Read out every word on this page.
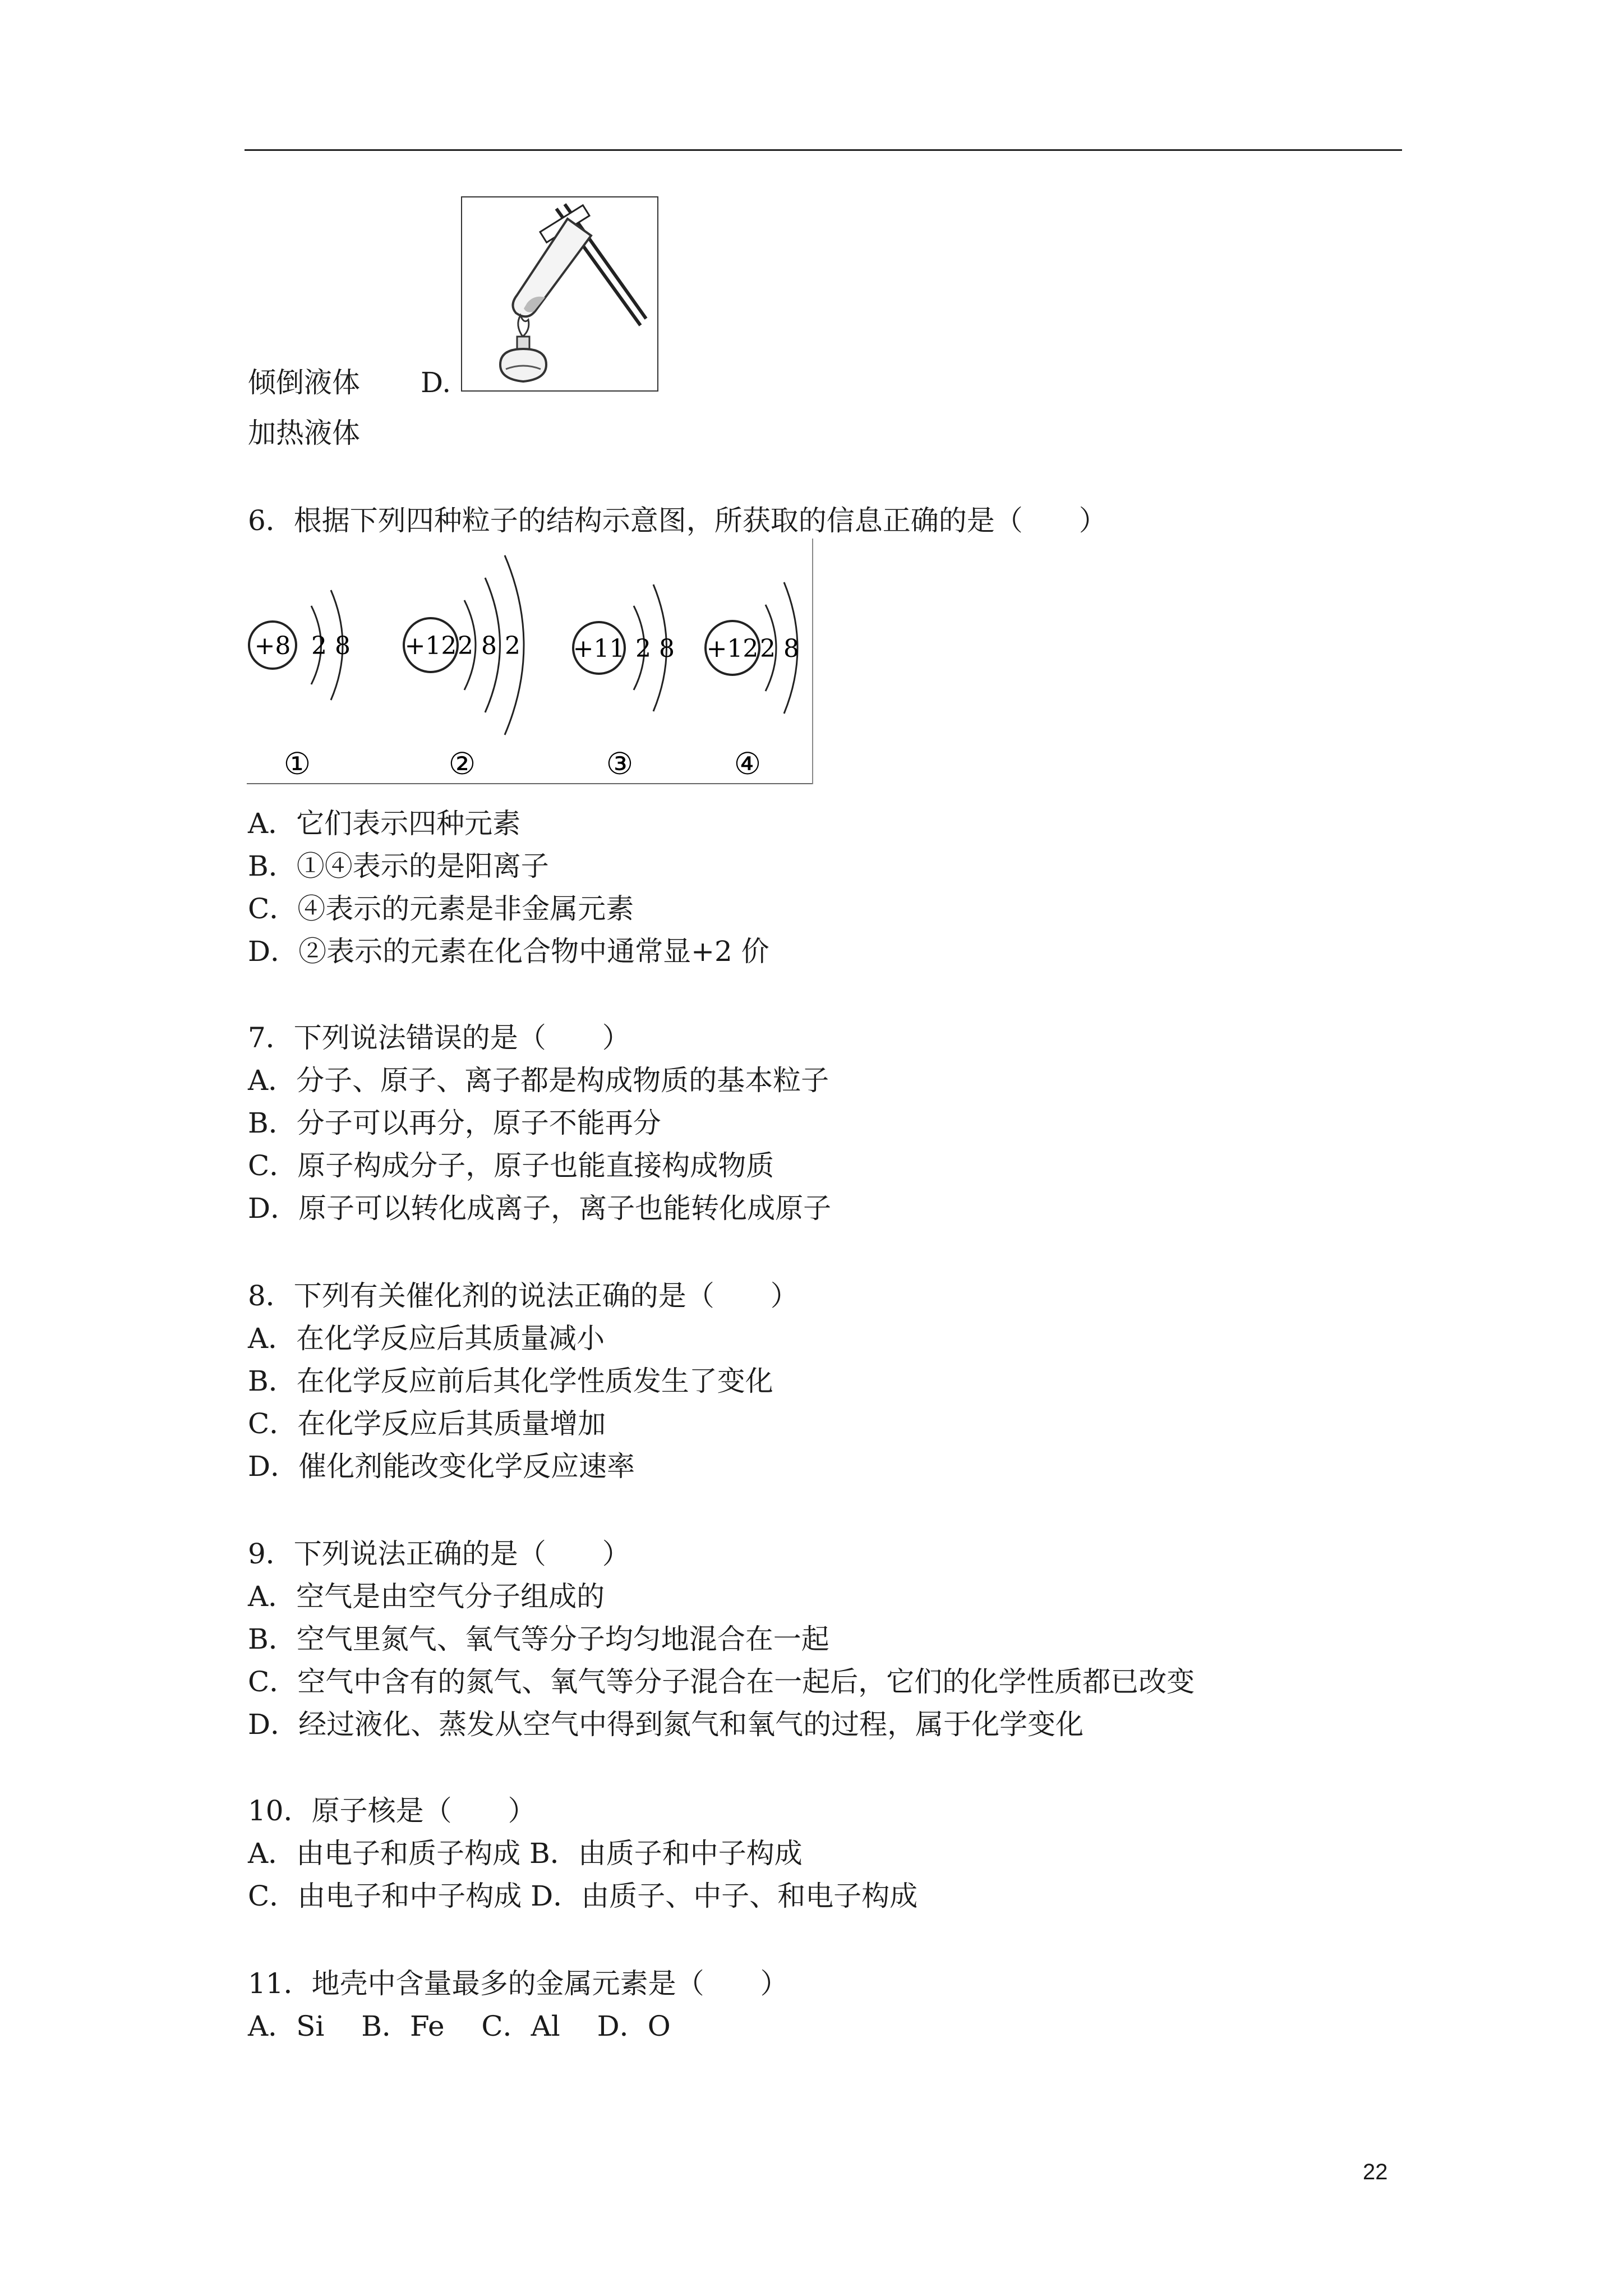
倾倒液体 D.
加热液体
6．根据下列四种粒子的结构示意图，所获取的信息正确的是（　　）
+8 2 8
①
+12 2 8 2
②
+11 2 8
③
+12 2 8
④
A．它们表示四种元素
B．①④表示的是阳离子
C．④表示的元素是非金属元素
D．②表示的元素在化合物中通常显+2 价
7．下列说法错误的是（　　）
A．分子、原子、离子都是构成物质的基本粒子
B．分子可以再分，原子不能再分
C．原子构成分子，原子也能直接构成物质
D．原子可以转化成离子，离子也能转化成原子
8．下列有关催化剂的说法正确的是（　　）
A．在化学反应后其质量减小
B．在化学反应前后其化学性质发生了变化
C．在化学反应后其质量增加
D．催化剂能改变化学反应速率
9．下列说法正确的是（　　）
A．空气是由空气分子组成的
B．空气里氮气、氧气等分子均匀地混合在一起
C．空气中含有的氮气、氧气等分子混合在一起后，它们的化学性质都已改变
D．经过液化、蒸发从空气中得到氮气和氧气的过程，属于化学变化
10．原子核是（　　）
A．由电子和质子构成 B．由质子和中子构成
C．由电子和中子构成 D．由质子、中子、和电子构成
11．地壳中含量最多的金属元素是（　　）
A．Si　 B．Fe　 C．Al　 D．O
22
